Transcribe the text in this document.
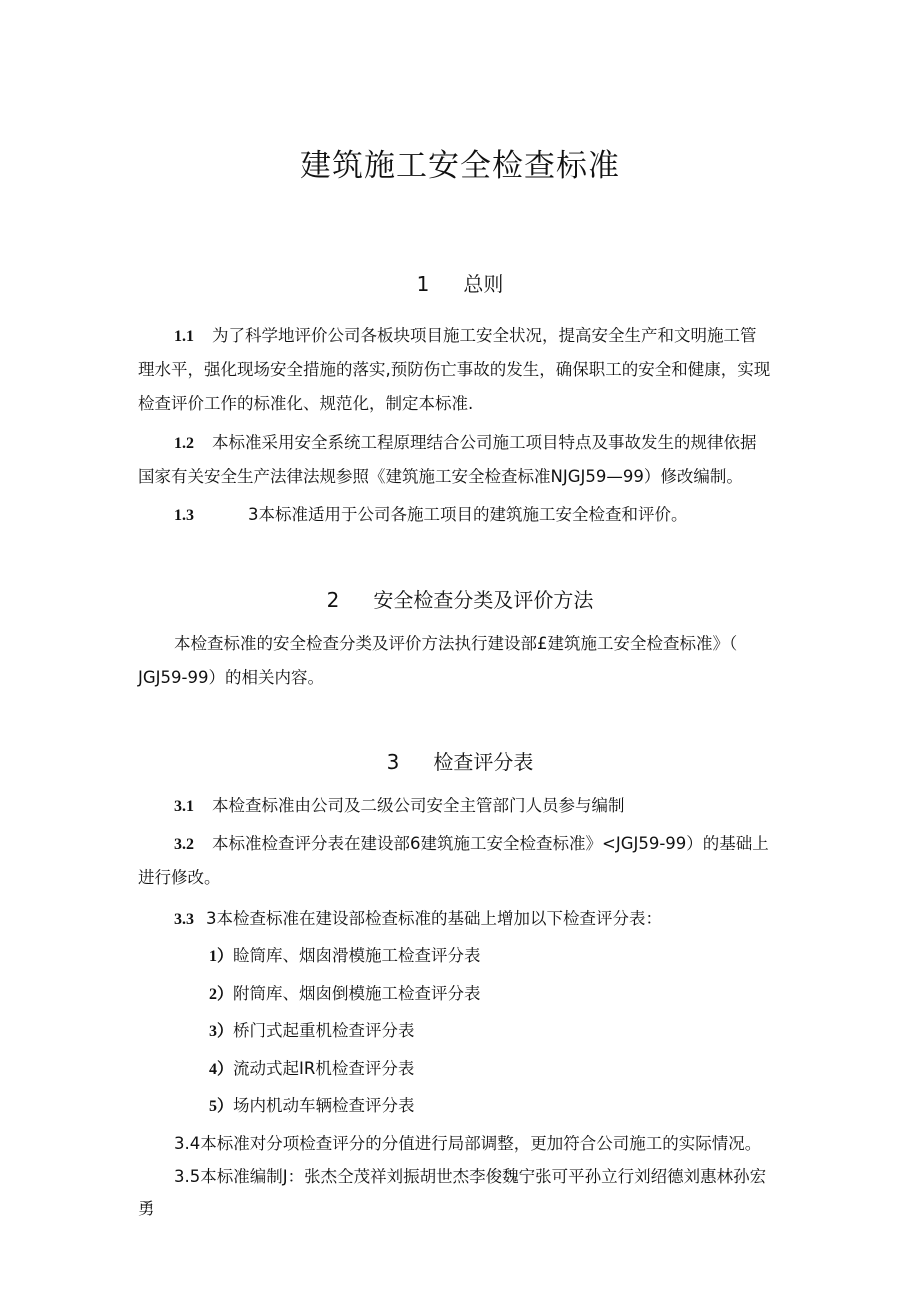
建筑施工安全检查标准
1 总则
1.1 为了科学地评价公司各板块项目施工安全状况，提高安全生产和文明施工管
理水平，强化现场安全措施的落实,预防伤亡事故的发生，确保职工的安全和健康，实现
检查评价工作的标准化、规范化，制定本标准.
1.2 本标准采用安全系统工程原理结合公司施工项目特点及事故发生的规律依据
国家有关安全生产法律法规参照《建筑施工安全检查标准NJGJ59—99）修改编制。
1.3	3本标准适用于公司各施工项目的建筑施工安全检查和评价。
2 安全检查分类及评价方法
本检查标准的安全检查分类及评价方法执行建设部£建筑施工安全检查标准》（
JGJ59-99）的相关内容。
3 检查评分表
3.1 本检查标准由公司及二级公司安全主管部门人员参与编制
3.2 本标准检查评分表在建设部6建筑施工安全检查标准》<JGJ59-99）的基础上
进行修改。
3.3 3本检查标准在建设部检查标准的基础上增加以下检查评分表：
1）睑筒库、烟囱滑模施工检查评分表
2）附筒库、烟囱倒模施工检查评分表
3）桥门式起重机检查评分表
4）流动式起IR机检查评分表
5）场内机动车辆检查评分表
3.4本标准对分项检查评分的分值进行局部调整，更加符合公司施工的实际情况。
3.5本标准编制J：张杰仝茂祥刘振胡世杰李俊魏宁张可平孙立行刘绍德刘惠林孙宏
勇
